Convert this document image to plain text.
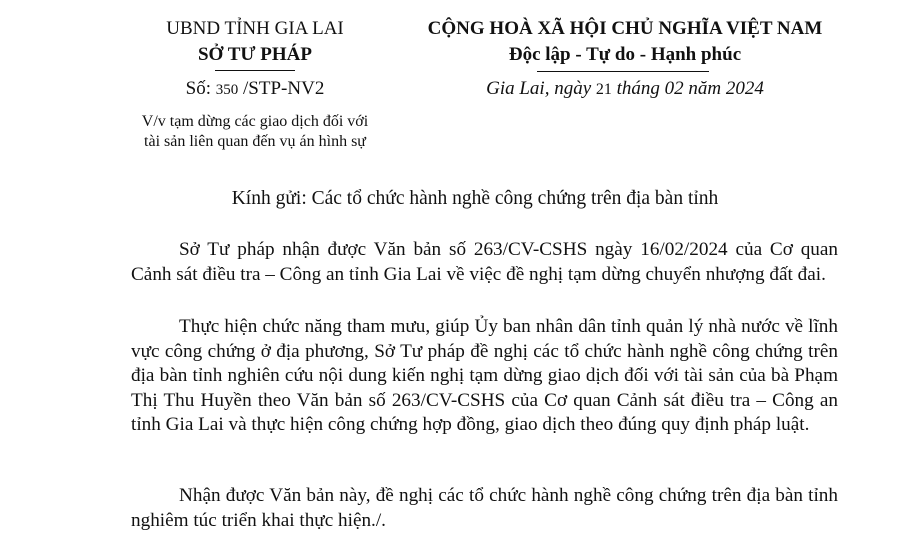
UBND TỈNH GIA LAI
SỞ TƯ PHÁP
Số: 350 /STP-NV2
V/v tạm dừng các giao dịch đối với
tài sản liên quan đến vụ án hình sự
CỘNG HOÀ XÃ HỘI CHỦ NGHĨA VIỆT NAM
Độc lập - Tự do - Hạnh phúc
Gia Lai, ngày 21 tháng 02 năm 2024
Kính gửi: Các tổ chức hành nghề công chứng trên địa bàn tỉnh

Sở Tư pháp nhận được Văn bản số 263/CV-CSHS ngày 16/02/2024 của Cơ quan Cảnh sát điều tra – Công an tỉnh Gia Lai về việc đề nghị tạm dừng chuyển nhượng đất đai.

Thực hiện chức năng tham mưu, giúp Ủy ban nhân dân tỉnh quản lý nhà nước về lĩnh vực công chứng ở địa phương, Sở Tư pháp đề nghị các tổ chức hành nghề công chứng trên địa bàn tỉnh nghiên cứu nội dung kiến nghị tạm dừng giao dịch đối với tài sản của bà Phạm Thị Thu Huyền theo Văn bản số 263/CV-CSHS của Cơ quan Cảnh sát điều tra – Công an tỉnh Gia Lai và thực hiện công chứng hợp đồng, giao dịch theo đúng quy định pháp luật.

Nhận được Văn bản này, đề nghị các tổ chức hành nghề công chứng trên địa bàn tỉnh nghiêm túc triển khai thực hiện./.
